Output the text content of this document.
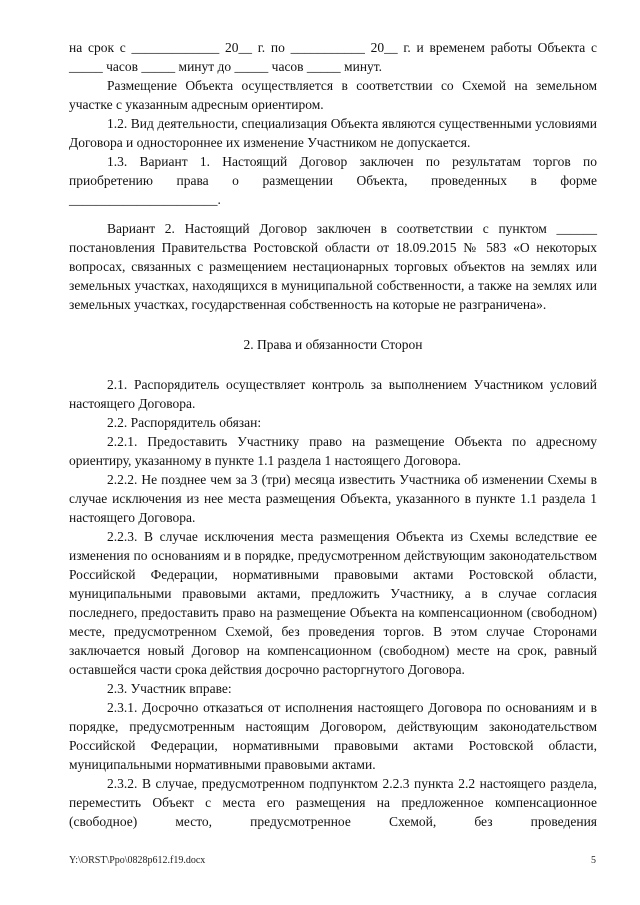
на срок с _____________ 20__ г. по ___________ 20__ г. и временем работы Объекта с _____ часов _____ минут до _____ часов _____ минут.

Размещение Объекта осуществляется в соответствии со Схемой на земельном участке с указанным адресным ориентиром.

1.2. Вид деятельности, специализация Объекта являются существенными условиями Договора и одностороннее их изменение Участником не допускается.

1.3. Вариант 1. Настоящий Договор заключен по результатам торгов по приобретению права о размещении Объекта, проведенных в форме ______________________.

Вариант 2. Настоящий Договор заключен в соответствии с пунктом ______ постановления Правительства Ростовской области от 18.09.2015 № 583 «О некоторых вопросах, связанных с размещением нестационарных торговых объектов на землях или земельных участках, находящихся в муниципальной собственности, а также на землях или земельных участках, государственная собственность на которые не разграничена».

2. Права и обязанности Сторон

2.1. Распорядитель осуществляет контроль за выполнением Участником условий настоящего Договора.

2.2. Распорядитель обязан:

2.2.1. Предоставить Участнику право на размещение Объекта по адресному ориентиру, указанному в пункте 1.1 раздела 1 настоящего Договора.

2.2.2. Не позднее чем за 3 (три) месяца известить Участника об изменении Схемы в случае исключения из нее места размещения Объекта, указанного в пункте 1.1 раздела 1 настоящего Договора.

2.2.3. В случае исключения места размещения Объекта из Схемы вследствие ее изменения по основаниям и в порядке, предусмотренном действующим законодательством Российской Федерации, нормативными правовыми актами Ростовской области, муниципальными правовыми актами, предложить Участнику, а в случае согласия последнего, предоставить право на размещение Объекта на компенсационном (свободном) месте, предусмотренном Схемой, без проведения торгов. В этом случае Сторонами заключается новый Договор на компенсационном (свободном) месте на срок, равный оставшейся части срока действия досрочно расторгнутого Договора.

2.3. Участник вправе:

2.3.1. Досрочно отказаться от исполнения настоящего Договора по основаниям и в порядке, предусмотренным настоящим Договором, действующим законодательством Российской Федерации, нормативными правовыми актами Ростовской области, муниципальными нормативными правовыми актами.

2.3.2. В случае, предусмотренном подпунктом 2.2.3 пункта 2.2 настоящего раздела, переместить Объект с места его размещения на предложенное компенсационное (свободное) место, предусмотренное Схемой, без проведения

Y:\ORST\Ppo\0828p612.f19.docx	5
